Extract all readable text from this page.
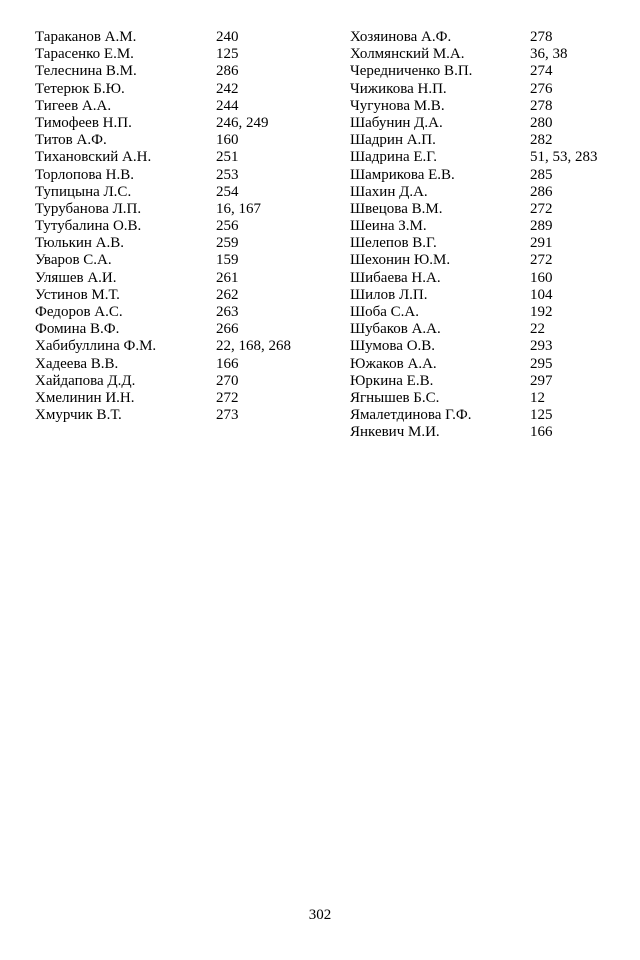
Тараканов А.М.	240
Тарасенко Е.М.	125
Телеснина В.М.	286
Тетерюк Б.Ю.	242
Тигеев А.А.	244
Тимофеев Н.П.	246, 249
Титов А.Ф.	160
Тихановский А.Н.	251
Торлопова Н.В.	253
Тупицына Л.С.	254
Турубанова Л.П.	16, 167
Тутубалина О.В.	256
Тюлькин А.В.	259
Уваров С.А.	159
Уляшев А.И.	261
Устинов М.Т.	262
Федоров А.С.	263
Фомина В.Ф.	266
Хабибуллина Ф.М.	22, 168, 268
Хадеева В.В.	166
Хайдапова Д.Д.	270
Хмелинин И.Н.	272
Хмурчик В.Т.	273
Хозяинова А.Ф.	278
Холмянский М.А.	36, 38
Чередниченко В.П.	274
Чижикова Н.П.	276
Чугунова М.В.	278
Шабунин Д.А.	280
Шадрин А.П.	282
Шадрина Е.Г.	51, 53, 283
Шамрикова Е.В.	285
Шахин Д.А.	286
Швецова В.М.	272
Шеина З.М.	289
Шелепов В.Г.	291
Шехонин Ю.М.	272
Шибаева Н.А.	160
Шилов Л.П.	104
Шоба С.А.	192
Шубаков А.А.	22
Шумова О.В.	293
Южаков А.А.	295
Юркина Е.В.	297
Ягнышев Б.С.	12
Ямалетдинова Г.Ф.	125
Янкевич М.И.	166
302
